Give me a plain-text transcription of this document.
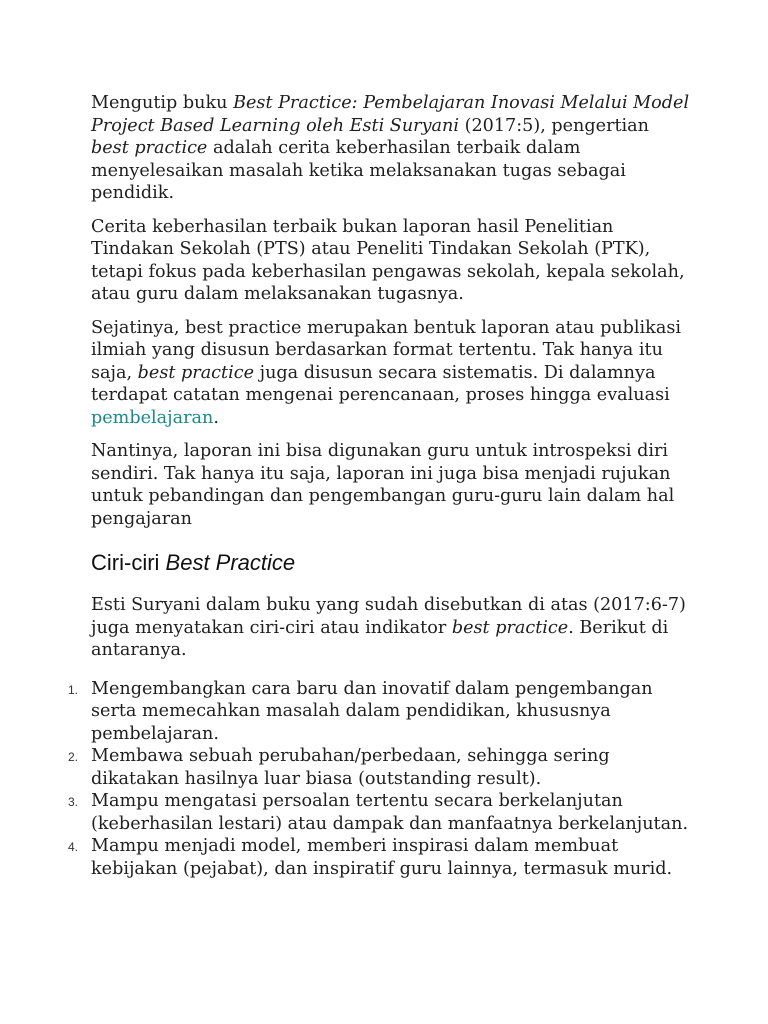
Mengutip buku Best Practice: Pembelajaran Inovasi Melalui Model Project Based Learning oleh Esti Suryani (2017:5), pengertian best practice adalah cerita keberhasilan terbaik dalam menyelesaikan masalah ketika melaksanakan tugas sebagai pendidik.

Cerita keberhasilan terbaik bukan laporan hasil Penelitian Tindakan Sekolah (PTS) atau Peneliti Tindakan Sekolah (PTK), tetapi fokus pada keberhasilan pengawas sekolah, kepala sekolah, atau guru dalam melaksanakan tugasnya.

Sejatinya, best practice merupakan bentuk laporan atau publikasi ilmiah yang disusun berdasarkan format tertentu. Tak hanya itu saja, best practice juga disusun secara sistematis. Di dalamnya terdapat catatan mengenai perencanaan, proses hingga evaluasi pembelajaran.

Nantinya, laporan ini bisa digunakan guru untuk introspeksi diri sendiri. Tak hanya itu saja, laporan ini juga bisa menjadi rujukan untuk pebandingan dan pengembangan guru-guru lain dalam hal pengajaran

Ciri-ciri Best Practice

Esti Suryani dalam buku yang sudah disebutkan di atas (2017:6-7) juga menyatakan ciri-ciri atau indikator best practice. Berikut di antaranya.

1. Mengembangkan cara baru dan inovatif dalam pengembangan serta memecahkan masalah dalam pendidikan, khususnya pembelajaran.
2. Membawa sebuah perubahan/perbedaan, sehingga sering dikatakan hasilnya luar biasa (outstanding result).
3. Mampu mengatasi persoalan tertentu secara berkelanjutan (keberhasilan lestari) atau dampak dan manfaatnya berkelanjutan.
4. Mampu menjadi model, memberi inspirasi dalam membuat kebijakan (pejabat), dan inspiratif guru lainnya, termasuk murid.
